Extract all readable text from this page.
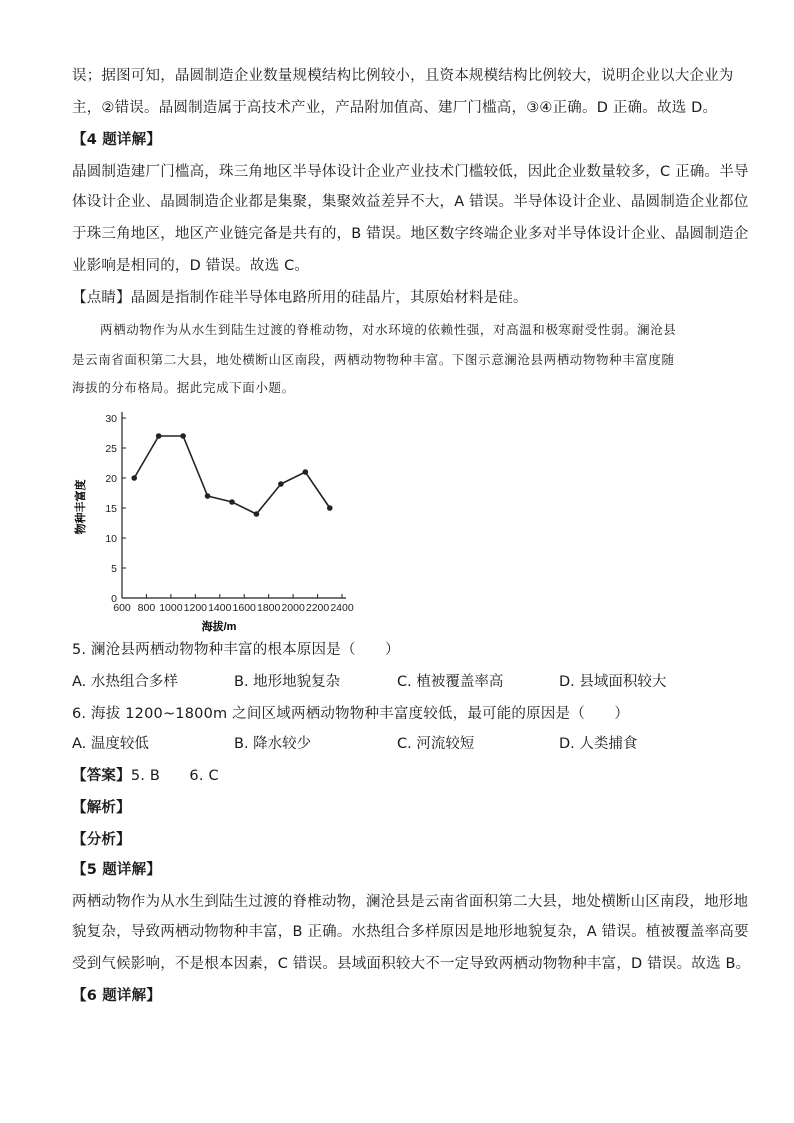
误；据图可知，晶圆制造企业数量规模结构比例较小，且资本规模结构比例较大，说明企业以大企业为
主，②错误。晶圆制造属于高技术产业，产品附加值高、建厂门槛高，③④正确。D 正确。故选 D。
【4 题详解】
晶圆制造建厂门槛高，珠三角地区半导体设计企业产业技术门槛较低，因此企业数量较多，C 正确。半导
体设计企业、晶圆制造企业都是集聚，集聚效益差异不大，A 错误。半导体设计企业、晶圆制造企业都位
于珠三角地区，地区产业链完备是共有的，B 错误。地区数字终端企业多对半导体设计企业、晶圆制造企
业影响是相同的，D 错误。故选 C。
【点睛】晶圆是指制作硅半导体电路所用的硅晶片，其原始材料是硅。
两栖动物作为从水生到陆生过渡的脊椎动物，对水环境的依赖性强，对高温和极寒耐受性弱。澜沧县
是云南省面积第二大县，地处横断山区南段，两栖动物物种丰富。下图示意澜沧县两栖动物物种丰富度随
海拔的分布格局。据此完成下面小题。
0
5
10
15
20
25
30
600 800 1000 1200 1400 1600 1800 2000 2200 2400
海拔/m
物种丰富度
5. 澜沧县两栖动物物种丰富的根本原因是（　　）
A. 水热组合多样	B. 地形地貌复杂	C. 植被覆盖率高	D. 县域面积较大
6. 海拔 1200~1800m 之间区域两栖动物物种丰富度较低，最可能的原因是（　　）
A. 温度较低	B. 降水较少	C. 河流较短	D. 人类捕食
【答案】5. B　　6. C
【解析】
【分析】
【5 题详解】
两栖动物作为从水生到陆生过渡的脊椎动物，澜沧县是云南省面积第二大县，地处横断山区南段，地形地
貌复杂，导致两栖动物物种丰富，B 正确。水热组合多样原因是地形地貌复杂，A 错误。植被覆盖率高要
受到气候影响，不是根本因素，C 错误。县域面积较大不一定导致两栖动物物种丰富，D 错误。故选 B。
【6 题详解】
